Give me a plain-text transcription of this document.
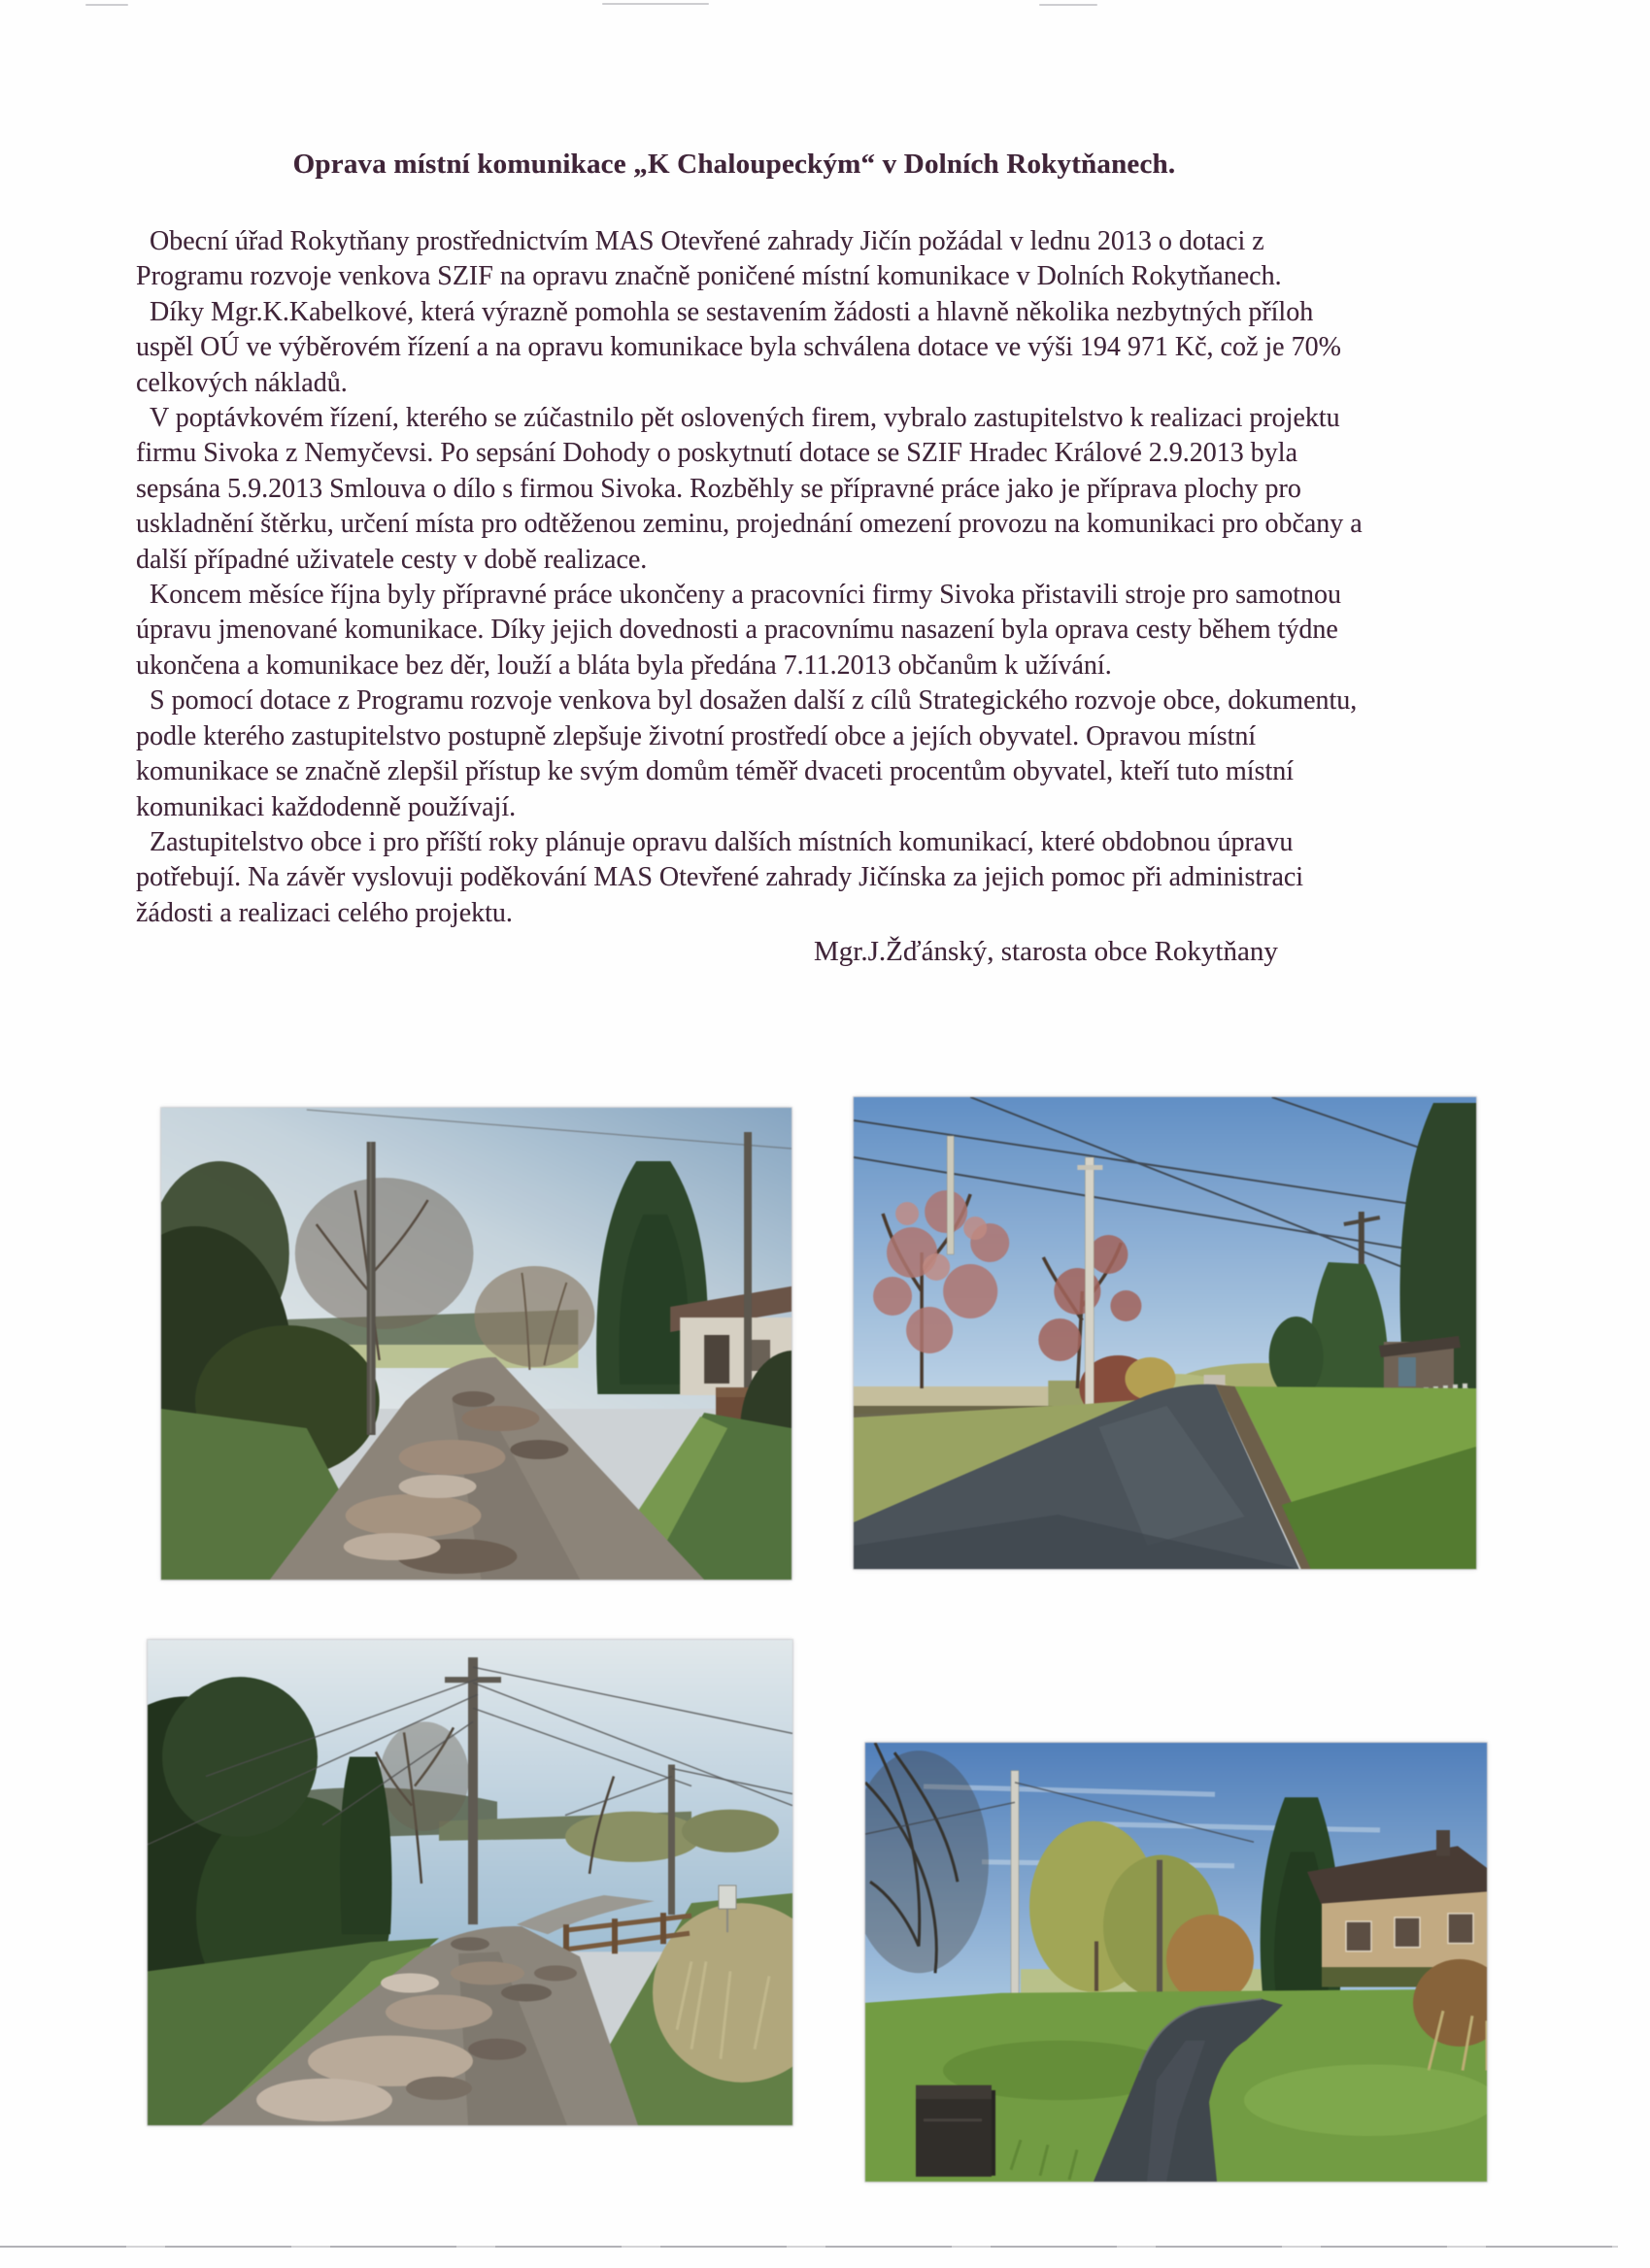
Oprava místní komunikace „K Chaloupeckým“ v Dolních Rokytňanech.

Obecní úřad Rokytňany prostřednictvím MAS Otevřené zahrady Jičín požádal v lednu 2013 o dotaci z Programu rozvoje venkova SZIF na opravu značně poničené místní komunikace v Dolních Rokytňanech.

Díky Mgr.K.Kabelkové, která výrazně pomohla se sestavením žádosti a hlavně několika nezbytných příloh uspěl OÚ ve výběrovém řízení a na opravu komunikace byla schválena dotace ve výši 194 971 Kč, což je 70% celkových nákladů.

V poptávkovém řízení, kterého se zúčastnilo pět oslovených firem, vybralo zastupitelstvo k realizaci projektu firmu Sivoka z Nemyčevsi. Po sepsání Dohody o poskytnutí dotace se SZIF Hradec Králové 2.9.2013 byla sepsána 5.9.2013 Smlouva o dílo s firmou Sivoka. Rozběhly se přípravné práce jako je příprava plochy pro uskladnění štěrku, určení místa pro odtěženou zeminu, projednání omezení provozu na komunikaci pro občany a další případné uživatele cesty v době realizace.

Koncem měsíce října byly přípravné práce ukončeny a pracovníci firmy Sivoka přistavili stroje pro samotnou úpravu jmenované komunikace. Díky jejich dovednosti a pracovnímu nasazení byla oprava cesty během týdne ukončena a komunikace bez děr, louží a bláta byla předána 7.11.2013 občanům k užívání.

S pomocí dotace z Programu rozvoje venkova byl dosažen další z cílů Strategického rozvoje obce, dokumentu, podle kterého zastupitelstvo postupně zlepšuje životní prostředí obce a jejích obyvatel. Opravou místní komunikace se značně zlepšil přístup ke svým domům téměř dvaceti procentům obyvatel, kteří tuto místní komunikaci každodenně používají.

Zastupitelstvo obce i pro příští roky plánuje opravu dalších místních komunikací, které obdobnou úpravu potřebují. Na závěr vyslovuji poděkování MAS Otevřené zahrady Jičínska za jejich pomoc při administraci žádosti a realizaci celého projektu.

Mgr.J.Žďánský, starosta obce Rokytňany
